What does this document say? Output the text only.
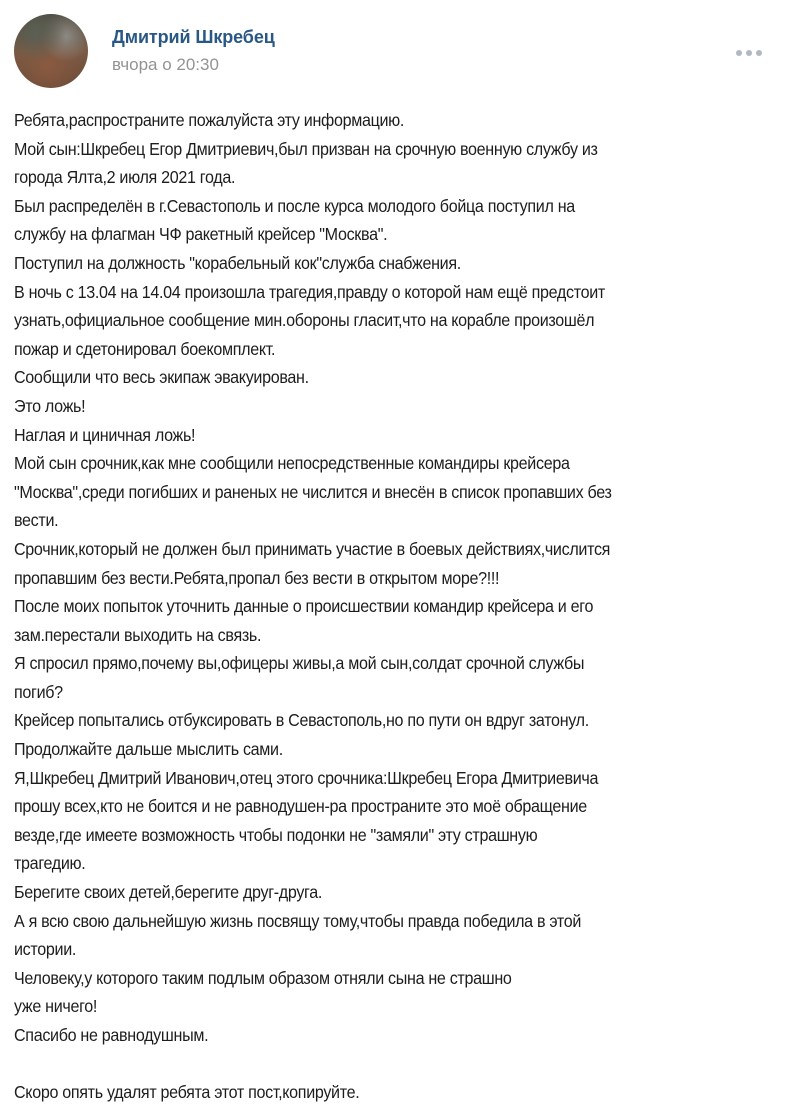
Дмитрий Шкребец
вчора о 20:30
Ребята,распространите пожалуйста эту информацию.
Мой сын:Шкребец Егор Дмитриевич,был призван на срочную военную службу из
города Ялта,2 июля 2021 года.
Был распределён в г.Севастополь и после курса молодого бойца поступил на
службу на флагман ЧФ ракетный крейсер "Москва".
Поступил на должность "корабельный кок"служба снабжения.
В ночь с 13.04 на 14.04 произошла трагедия,правду о которой нам ещё предстоит
узнать,официальное сообщение мин.обороны гласит,что на корабле произошёл
пожар и сдетонировал боекомплект.
Сообщили что весь экипаж эвакуирован.
Это ложь!
Наглая и циничная ложь!
Мой сын срочник,как мне сообщили непосредственные командиры крейсера
"Москва",среди погибших и раненых не числится и внесён в список пропавших без
вести.
Срочник,который не должен был принимать участие в боевых действиях,числится
пропавшим без вести.Ребята,пропал без вести в открытом море?!!!
После моих попыток уточнить данные о происшествии командир крейсера и его
зам.перестали выходить на связь.
Я спросил прямо,почему вы,офицеры живы,а мой сын,солдат срочной службы
погиб?
Крейсер попытались отбуксировать в Севастополь,но по пути он вдруг затонул.
Продолжайте дальше мыслить сами.
Я,Шкребец Дмитрий Иванович,отец этого срочника:Шкребец Егора Дмитриевича
прошу всех,кто не боится и не равнодушен-ра пространите это моё обращение
везде,где имеете возможность чтобы подонки не "замяли" эту страшную
трагедию.
Берегите своих детей,берегите друг-друга.
А я всю свою дальнейшую жизнь посвящу тому,чтобы правда победила в этой
истории.
Человеку,у которого таким подлым образом отняли сына не страшно
уже ничего!
Спасибо не равнодушным.
Скоро опять удалят ребята этот пост,копируйте.
